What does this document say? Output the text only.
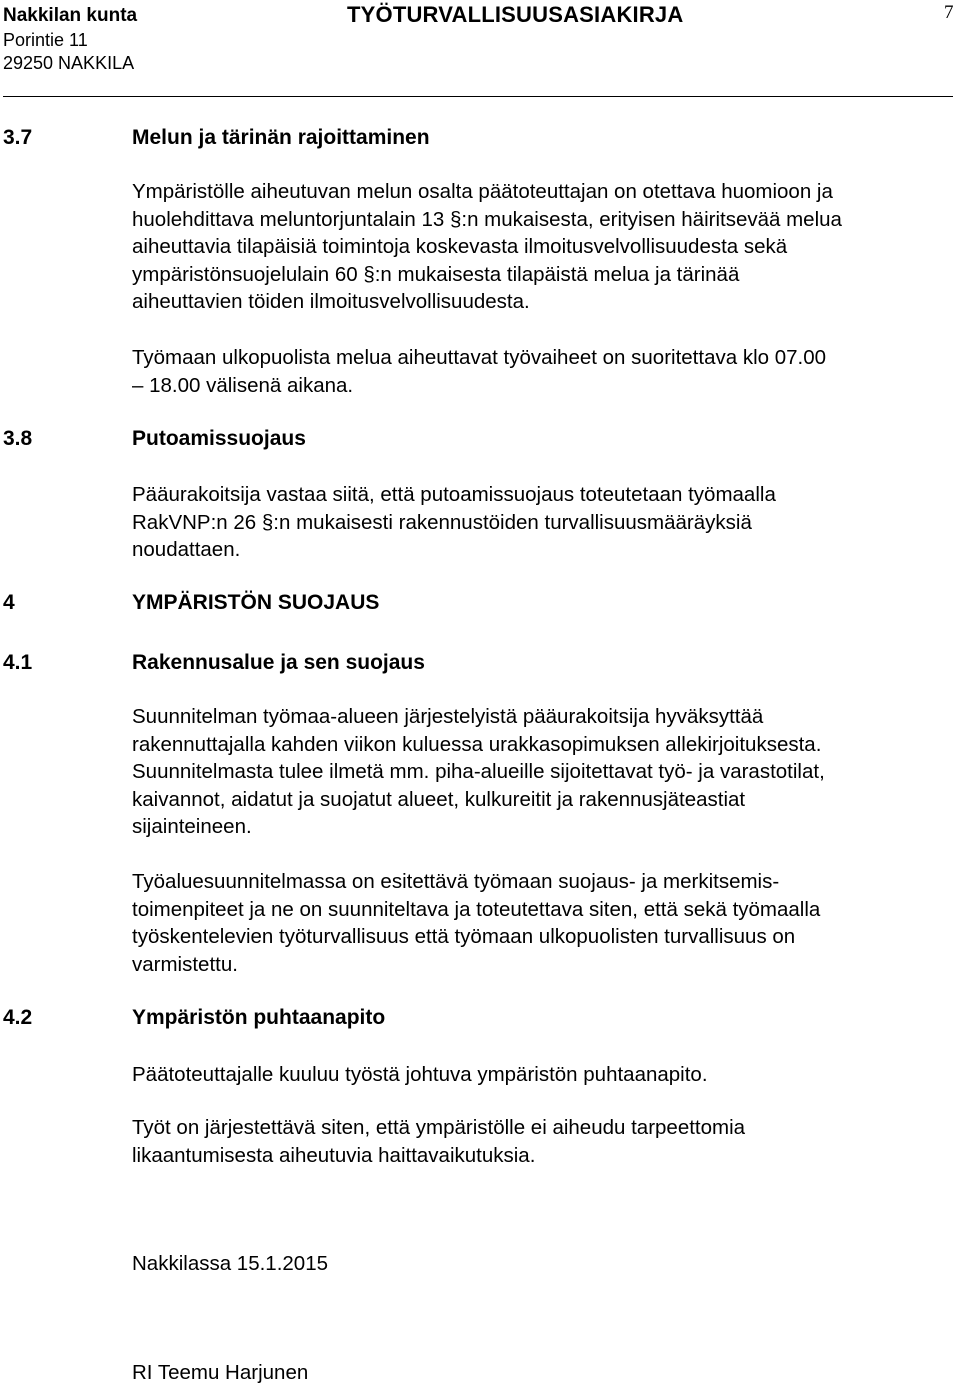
Nakkilan kunta
Porintie 11
29250 NAKKILA
TYÖTURVALLISUUSASIAKIRJA	7
3.7	Melun ja tärinän rajoittaminen
Ympäristölle aiheutuvan melun osalta päätoteuttajan on otettava huomioon ja
huolehdittava meluntorjuntalain 13 §:n mukaisesta, erityisen häiritsevää melua
aiheuttavia tilapäisiä toimintoja koskevasta ilmoitusvelvollisuudesta sekä
ympäristönsuojelulain 60 §:n mukaisesta tilapäistä melua ja tärinää
aiheuttavien töiden ilmoitusvelvollisuudesta.
Työmaan ulkopuolista melua aiheuttavat työvaiheet on suoritettava klo 07.00
– 18.00 välisenä aikana.
3.8	Putoamissuojaus
Pääurakoitsija vastaa siitä, että putoamissuojaus toteutetaan työmaalla
RakVNP:n 26 §:n mukaisesti rakennustöiden turvallisuusmääräyksiä
noudattaen.
4	YMPÄRISTÖN SUOJAUS
4.1	Rakennusalue ja sen suojaus
Suunnitelman työmaa-alueen järjestelyistä pääurakoitsija hyväksyttää
rakennuttajalla kahden viikon kuluessa urakkasopimuksen allekirjoituksesta.
Suunnitelmasta tulee ilmetä mm. piha-alueille sijoitettavat työ- ja varastotilat,
kaivannot, aidatut ja suojatut alueet, kulkureitit ja rakennusjäteastiat
sijainteineen.
Työaluesuunnitelmassa on esitettävä työmaan suojaus- ja merkitsemis-
toimenpiteet ja ne on suunniteltava ja toteutettava siten, että sekä työmaalla
työskentelevien työturvallisuus että työmaan ulkopuolisten turvallisuus on
varmistettu.
4.2	Ympäristön puhtaanapito
Päätoteuttajalle kuuluu työstä johtuva ympäristön puhtaanapito.
Työt on järjestettävä siten, että ympäristölle ei aiheudu tarpeettomia
likaantumisesta aiheutuvia haittavaikutuksia.
Nakkilassa 15.1.2015
RI Teemu Harjunen
